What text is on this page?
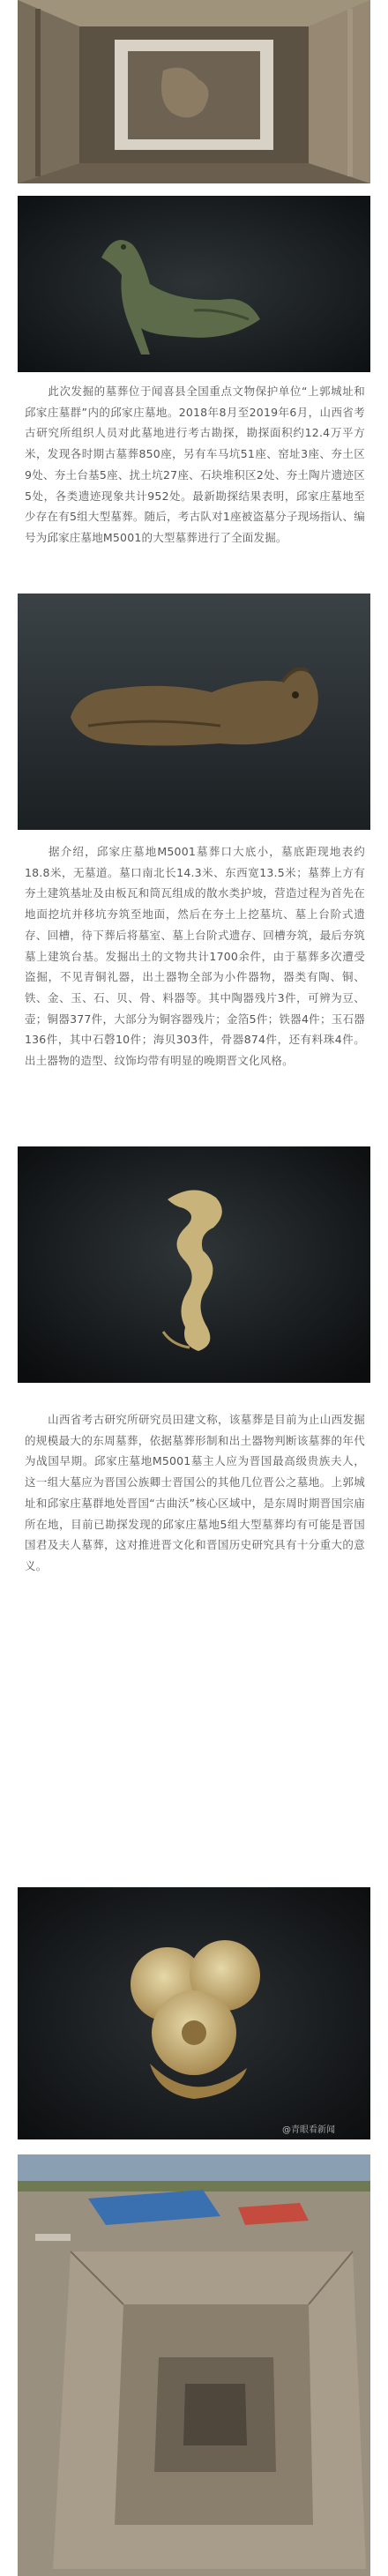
此次发掘的墓葬位于闻喜县全国重点文物保护单位“上郭城址和邱家庄墓群”内的邱家庄墓地。2018年8月至2019年6月，山西省考古研究所组织人员对此墓地进行考古勘探，勘探面积约12.4万平方米，发现各时期古墓葬850座，另有车马坑51座、窑址3座、夯土区9处、夯土台基5座、扰土坑27座、石块堆积区2处、夯土陶片遗迹区5处，各类遗迹现象共计952处。最新勘探结果表明，邱家庄墓地至少存在有5组大型墓葬。随后，考古队对1座被盗墓分子现场指认、编号为邱家庄墓地M5001的大型墓葬进行了全面发掘。

据介绍，邱家庄墓地M5001墓葬口大底小，墓底距现地表约18.8米，无墓道。墓口南北长14.3米、东西宽13.5米；墓葬上方有夯土建筑基址及由板瓦和筒瓦组成的散水类护坡，营造过程为首先在地面挖坑并移坑夯筑至地面，然后在夯土上挖墓坑、墓上台阶式遗存、回槽，待下葬后将墓室、墓上台阶式遗存、回槽夯筑，最后夯筑墓上建筑台基。发掘出土的文物共计1700余件，由于墓葬多次遭受盗掘，不见青铜礼器，出土器物全部为小件器物，器类有陶、铜、铁、金、玉、石、贝、骨、料器等。其中陶器残片3件，可辨为豆、壶；铜器377件，大部分为铜容器残片；金箔5件；铁器4件；玉石器136件，其中石磬10件；海贝303件，骨器874件，还有料珠4件。出土器物的造型、纹饰均带有明显的晚期晋文化风格。

山西省考古研究所研究员田建文称，该墓葬是目前为止山西发掘的规模最大的东周墓葬，依据墓葬形制和出土器物判断该墓葬的年代为战国早期。邱家庄墓地M5001墓主人应为晋国最高级贵族夫人，这一组大墓应为晋国公族卿士晋国公的其他几位晋公之墓地。上郭城址和邱家庄墓群地处晋国“古曲沃”核心区域中，是东周时期晋国宗庙所在地，目前已勘探发现的邱家庄墓地5组大型墓葬均有可能是晋国国君及夫人墓葬，这对推进晋文化和晋国历史研究具有十分重大的意义。

@青眼看新闻
